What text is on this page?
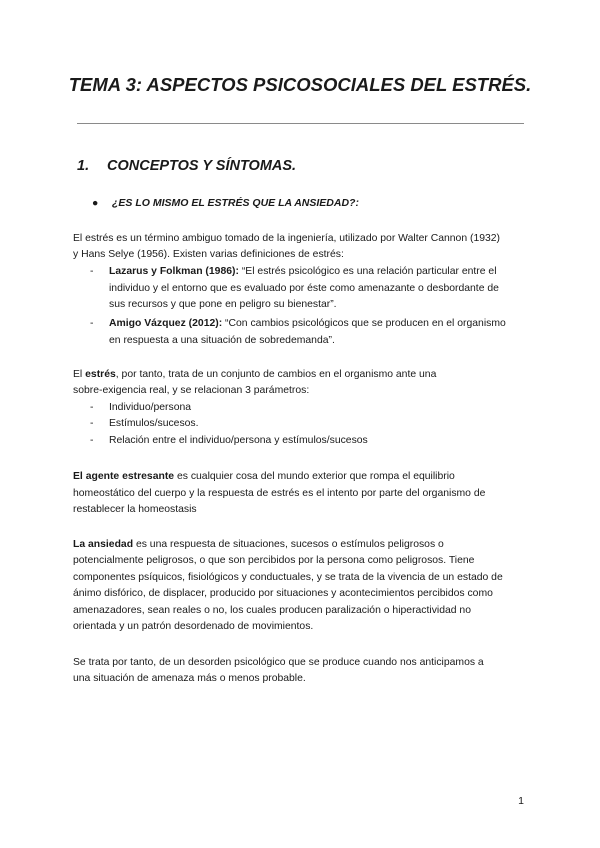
TEMA 3: ASPECTOS PSICOSOCIALES DEL ESTRÉS.
1. CONCEPTOS Y SÍNTOMAS.
● ¿ES LO MISMO EL ESTRÉS QUE LA ANSIEDAD?:
El estrés es un término ambiguo tomado de la ingeniería, utilizado por Walter Cannon (1932)
y Hans Selye (1956). Existen varias definiciones de estrés:
- Lazarus y Folkman (1986): “El estrés psicológico es una relación particular entre el
individuo y el entorno que es evaluado por éste como amenazante o desbordante de
sus recursos y que pone en peligro su bienestar”.
- Amigo Vázquez (2012): “Con cambios psicológicos que se producen en el organismo
en respuesta a una situación de sobredemanda”.
El estrés, por tanto, trata de un conjunto de cambios en el organismo ante una
sobre-exigencia real, y se relacionan 3 parámetros:
- Individuo/persona
- Estímulos/sucesos.
- Relación entre el individuo/persona y estímulos/sucesos
El agente estresante es cualquier cosa del mundo exterior que rompa el equilibrio
homeostático del cuerpo y la respuesta de estrés es el intento por parte del organismo de
restablecer la homeostasis
La ansiedad es una respuesta de situaciones, sucesos o estímulos peligrosos o
potencialmente peligrosos, o que son percibidos por la persona como peligrosos. Tiene
componentes psíquicos, fisiológicos y conductuales, y se trata de la vivencia de un estado de
ánimo disfórico, de displacer, producido por situaciones y acontecimientos percibidos como
amenazadores, sean reales o no, los cuales producen paralización o hiperactividad no
orientada y un patrón desordenado de movimientos.
Se trata por tanto, de un desorden psicológico que se produce cuando nos anticipamos a
una situación de amenaza más o menos probable.
1
